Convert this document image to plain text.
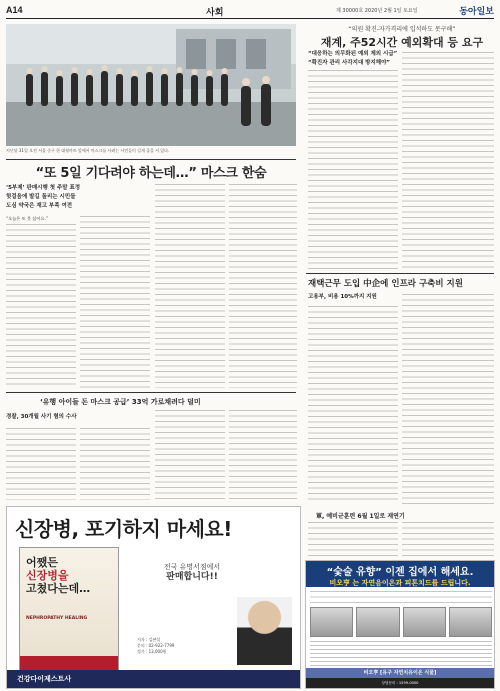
A14	사회	제 30000호 2020년 2월 1일 토요일	동아일보
지난달 31일 오전 서울 중구 한 대형마트 앞에서 마스크를 사려는 시민들이 길게 줄을 서 있다.
“또 5일 기다려야 하는데…” 마스크 한숨
‘5부제’ 판매시행 첫 주말 표정
헛걸음에 발길 돌리는 시민들
도심 약국은 재고 부족 여전
“오늘은 또 못 샀어요.”
‘유행 아이들 돈 마스크 공급’ 33억 가로채려다 덜미
경찰, 30개월 사기 혐의 수사
“의원 확진-자가격리에 입석하도 못구해”
재계, 주52시간 예외확대 등 요구
“대응하는 의무화된 예외 제외 시급”
“확진자 관리 사각지대 방지해야”
재택근무 도입 中企에 인프라 구축비 지원
고용부, 비용 10%까지 지원
軍, 예비군훈련 6월 1일로 재연기
신장병, 포기하지 마세요!
어쨌든
신장병을
고쳤다는데…
NEPHROPATHY HEALING
전국 유명서점에서
판매합니다!!
저자 : 김판섭
문의 : 02-922-7799
정가 : 13,000원
건강다이제스트사
“숯술 유향” 이젠 집에서 해세요.
비오亨 는 자연음이온과 피톤치드를 드립니다.
비오亨 [유구 자연치유이온 식물]
상담문의 : 1599-0000
